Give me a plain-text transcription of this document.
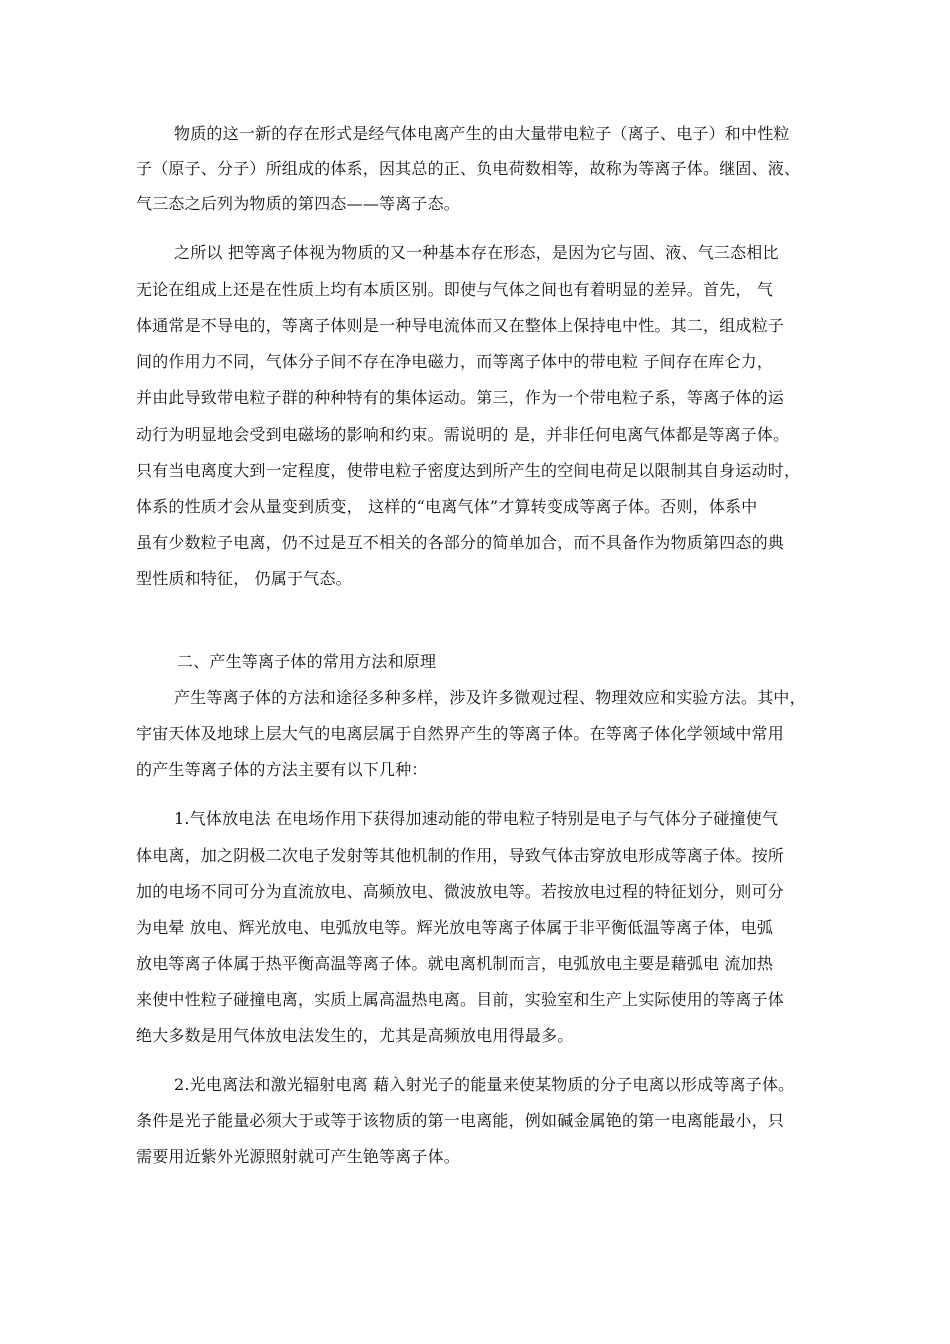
物质的这一新的存在形式是经气体电离产生的由大量带电粒子（离子、电子）和中性粒
子（原子、分子）所组成的体系，因其总的正、负电荷数相等，故称为等离子体。继固、液、
气三态之后列为物质的第四态——等离子态。
之所以 把等离子体视为物质的又一种基本存在形态，是因为它与固、液、气三态相比
无论在组成上还是在性质上均有本质区别。即使与气体之间也有着明显的差异。首先， 气
体通常是不导电的，等离子体则是一种导电流体而又在整体上保持电中性。其二，组成粒子
间的作用力不同，气体分子间不存在净电磁力，而等离子体中的带电粒 子间存在库仑力，
并由此导致带电粒子群的种种特有的集体运动。第三，作为一个带电粒子系，等离子体的运
动行为明显地会受到电磁场的影响和约束。需说明的 是，并非任何电离气体都是等离子体。
只有当电离度大到一定程度，使带电粒子密度达到所产生的空间电荷足以限制其自身运动时，
体系的性质才会从量变到质变， 这样的“电离气体”才算转变成等离子体。否则，体系中
虽有少数粒子电离，仍不过是互不相关的各部分的简单加合，而不具备作为物质第四态的典
型性质和特征， 仍属于气态。
二、产生等离子体的常用方法和原理
产生等离子体的方法和途径多种多样，涉及许多微观过程、物理效应和实验方法。其中，
宇宙天体及地球上层大气的电离层属于自然界产生的等离子体。在等离子体化学领域中常用
的产生等离子体的方法主要有以下几种：
1.气体放电法 在电场作用下获得加速动能的带电粒子特别是电子与气体分子碰撞使气
体电离，加之阴极二次电子发射等其他机制的作用，导致气体击穿放电形成等离子体。按所
加的电场不同可分为直流放电、高频放电、微波放电等。若按放电过程的特征划分，则可分
为电晕 放电、辉光放电、电弧放电等。辉光放电等离子体属于非平衡低温等离子体，电弧
放电等离子体属于热平衡高温等离子体。就电离机制而言，电弧放电主要是藉弧电 流加热
来使中性粒子碰撞电离，实质上属高温热电离。目前，实验室和生产上实际使用的等离子体
绝大多数是用气体放电法发生的，尤其是高频放电用得最多。
2.光电离法和激光辐射电离 藉入射光子的能量来使某物质的分子电离以形成等离子体。
条件是光子能量必须大于或等于该物质的第一电离能，例如碱金属铯的第一电离能最小，只
需要用近紫外光源照射就可产生铯等离子体。
